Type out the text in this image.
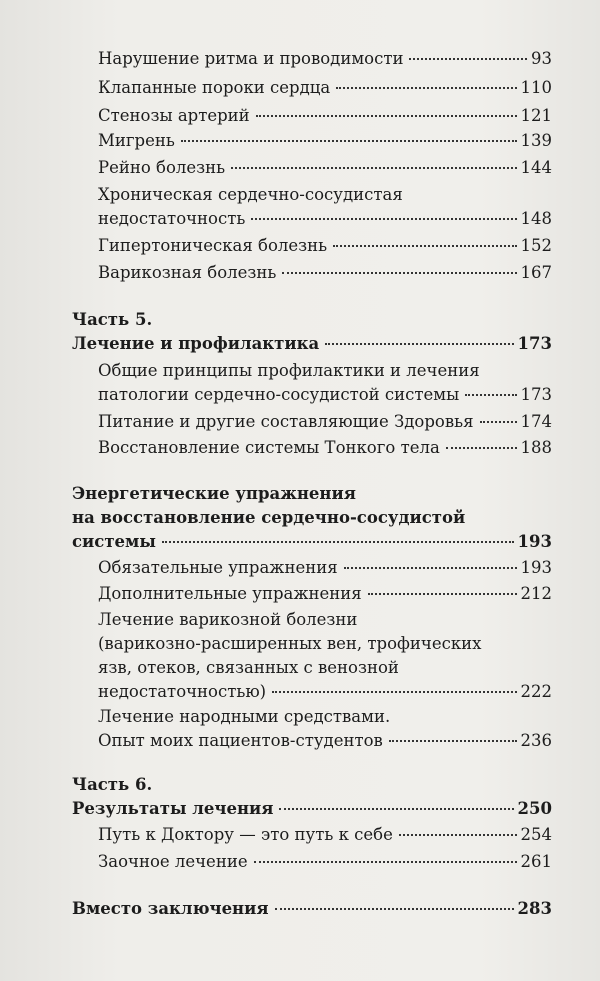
Нарушение ритма и проводимости	93
Клапанные пороки сердца	110
Стенозы артерий	121
Мигрень	139
Рейно болезнь	144
Хроническая сердечно-сосудистая
недостаточность	148
Гипертоническая болезнь	152
Варикозная болезнь	167
Часть 5.
Лечение и профилактика	173
Общие принципы профилактики и лечения
патологии сердечно-сосудистой системы	173
Питание и другие составляющие Здоровья	174
Восстановление системы Тонкого тела	188
Энергетические упражнения
на восстановление сердечно-сосудистой
системы	193
Обязательные упражнения	193
Дополнительные упражнения	212
Лечение варикозной болезни
(варикозно-расширенных вен, трофических
язв, отеков, связанных с венозной
недостаточностью)	222
Лечение народными средствами.
Опыт моих пациентов-студентов	236
Часть 6.
Результаты лечения	250
Путь к Доктору — это путь к себе	254
Заочное лечение	261
Вместо заключения	283
